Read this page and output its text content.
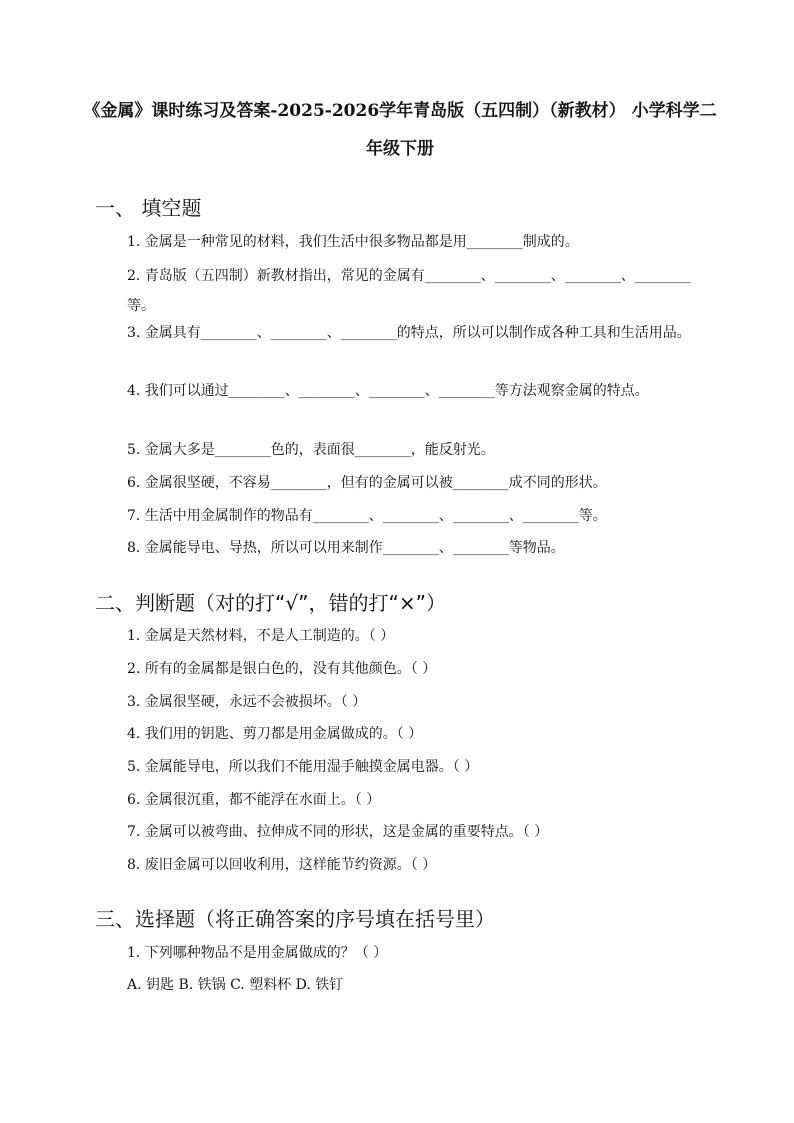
《金属》课时练习及答案-2025-2026学年青岛版（五四制）（新教材） 小学科学二年级下册
一、 填空题
1. 金属是一种常见的材料，我们生活中很多物品都是用________制成的。
2. 青岛版（五四制）新教材指出，常见的金属有________、________、________、________等。
3. 金属具有________、________、________的特点，所以可以制作成各种工具和生活用品。
4. 我们可以通过________、________、________、________等方法观察金属的特点。
5. 金属大多是________色的，表面很________，能反射光。
6. 金属很坚硬，不容易________，但有的金属可以被________成不同的形状。
7. 生活中用金属制作的物品有________、________、________、________等。
8. 金属能导电、导热，所以可以用来制作________、________等物品。
二、判断题（对的打“√”，错的打“×”）
1. 金属是天然材料，不是人工制造的。（ ）
2. 所有的金属都是银白色的，没有其他颜色。（ ）
3. 金属很坚硬，永远不会被损坏。（ ）
4. 我们用的钥匙、剪刀都是用金属做成的。（ ）
5. 金属能导电，所以我们不能用湿手触摸金属电器。（ ）
6. 金属很沉重，都不能浮在水面上。（ ）
7. 金属可以被弯曲、拉伸成不同的形状，这是金属的重要特点。（ ）
8. 废旧金属可以回收利用，这样能节约资源。（ ）
三、选择题（将正确答案的序号填在括号里）
1. 下列哪种物品不是用金属做成的？（ ）
A. 钥匙 B. 铁锅 C. 塑料杯 D. 铁钉
